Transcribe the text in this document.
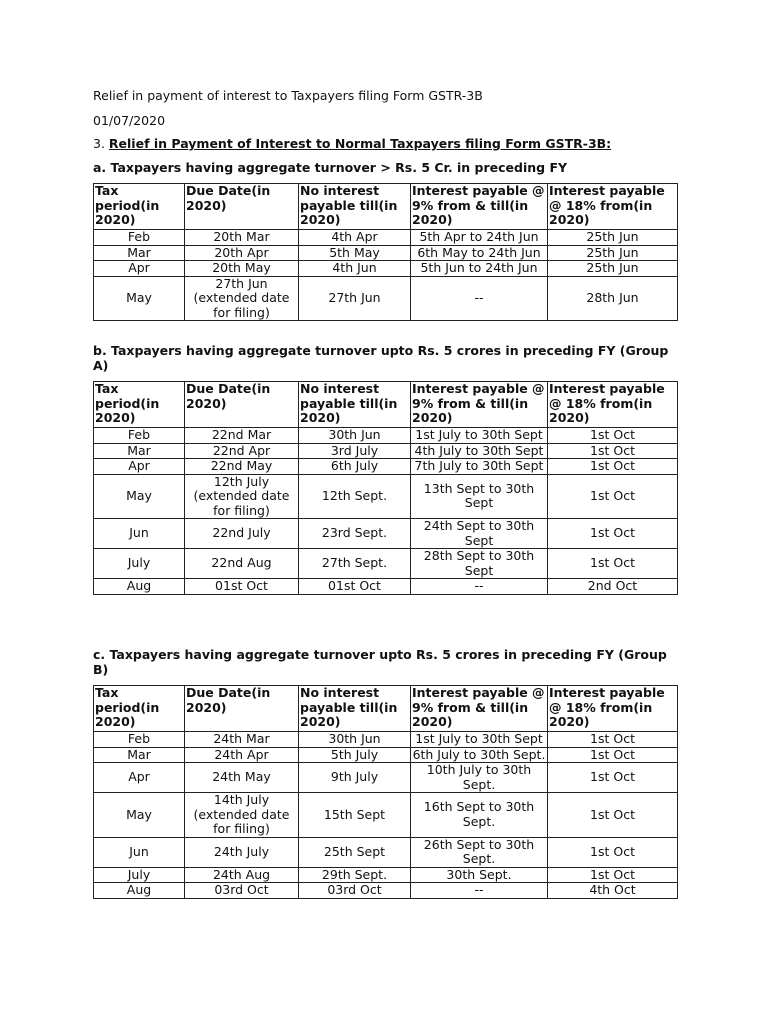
Relief in payment of interest to Taxpayers filing Form GSTR-3B
01/07/2020
3. Relief in Payment of Interest to Normal Taxpayers filing Form GSTR-3B:
a. Taxpayers having aggregate turnover > Rs. 5 Cr. in preceding FY
Tax period(in 2020)	Due Date(in 2020)	No interest payable till(in 2020)	Interest payable @ 9% from & till(in 2020)	Interest payable @ 18% from(in 2020)
Feb	20th Mar	4th Apr	5th Apr to 24th Jun	25th Jun
Mar	20th Apr	5th May	6th May to 24th Jun	25th Jun
Apr	20th May	4th Jun	5th Jun to 24th Jun	25th Jun
May	27th Jun (extended date for filing)	27th Jun	--	28th Jun
b. Taxpayers having aggregate turnover upto Rs. 5 crores in preceding FY (Group A)
Tax period(in 2020)	Due Date(in 2020)	No interest payable till(in 2020)	Interest payable @ 9% from & till(in 2020)	Interest payable @ 18% from(in 2020)
Feb	22nd Mar	30th Jun	1st July to 30th Sept	1st Oct
Mar	22nd Apr	3rd July	4th July to 30th Sept	1st Oct
Apr	22nd May	6th July	7th July to 30th Sept	1st Oct
May	12th July (extended date for filing)	12th Sept.	13th Sept to 30th Sept	1st Oct
Jun	22nd July	23rd Sept.	24th Sept to 30th Sept	1st Oct
July	22nd Aug	27th Sept.	28th Sept to 30th Sept	1st Oct
Aug	01st Oct	01st Oct	--	2nd Oct
c. Taxpayers having aggregate turnover upto Rs. 5 crores in preceding FY (Group B)
Tax period(in 2020)	Due Date(in 2020)	No interest payable till(in 2020)	Interest payable @ 9% from & till(in 2020)	Interest payable @ 18% from(in 2020)
Feb	24th Mar	30th Jun	1st July to 30th Sept	1st Oct
Mar	24th Apr	5th July	6th July to 30th Sept.	1st Oct
Apr	24th May	9th July	10th July to 30th Sept.	1st Oct
May	14th July (extended date for filing)	15th Sept	16th Sept to 30th Sept.	1st Oct
Jun	24th July	25th Sept	26th Sept to 30th Sept.	1st Oct
July	24th Aug	29th Sept.	30th Sept.	1st Oct
Aug	03rd Oct	03rd Oct	--	4th Oct
